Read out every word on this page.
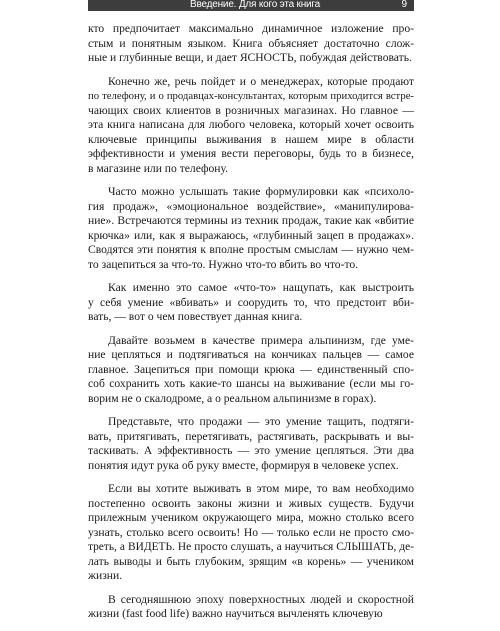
Введение. Для кого эта книга	9
кто предпочитает максимально динамичное изложение про-
стым и понятным языком. Книга объясняет достаточно слож-
ные и глубинные вещи, и дает ЯСНОСТЬ, побуждая действовать.
Конечно же, речь пойдет и о менеджерах, которые продают
по телефону, и о продавцах-консультантах, которым приходится встре-
чающих своих клиентов в розничных магазинах. Но главное —
эта книга написана для любого человека, который хочет освоить
ключевые принципы выживания в нашем мире в области
эффективности и умения вести переговоры, будь то в бизнесе,
в магазине или по телефону.
Часто можно услышать такие формулировки как «психоло-
гия продаж», «эмоциональное воздействие», «манипулирова-
ние». Встречаются термины из техник продаж, такие как «вбитие
крючка» или, как я выражаюсь, «глубинный зацеп в продажах».
Сводятся эти понятия к вполне простым смыслам — нужно чем-
то зацепиться за что-то. Нужно что-то вбить во что-то.
Как именно это самое «что-то» нащупать, как выстроить
у себя умение «вбивать» и соорудить то, что предстоит вби-
вать, — вот о чем повествует данная книга.
Давайте возьмем в качестве примера альпинизм, где уме-
ние цепляться и подтягиваться на кончиках пальцев — самое
главное. Зацепиться при помощи крюка — единственный спо-
соб сохранить хоть какие-то шансы на выживание (если мы го-
ворим не о скалодроме, а о реальном альпинизме в горах).
Представьте, что продажи — это умение тащить, подтяги-
вать, притягивать, перетягивать, растягивать, раскрывать и вы-
таскивать. А эффективность — это умение цепляться. Эти два
понятия идут рука об руку вместе, формируя в человеке успех.
Если вы хотите выживать в этом мире, то вам необходимо
постепенно освоить законы жизни и живых существ. Будучи
прилежным учеником окружающего мира, можно столько всего
узнать, столько всего освоить! Но — только если не просто смо-
треть, а ВИДЕТЬ. Не просто слушать, а научиться СЛЫШАТЬ, де-
лать выводы и быть глубоким, зрящим «в корень» — учеником
жизни.
В сегодняшнюю эпоху поверхностных людей и скоростной
жизни (fast food life) важно научиться вычленять ключевую
